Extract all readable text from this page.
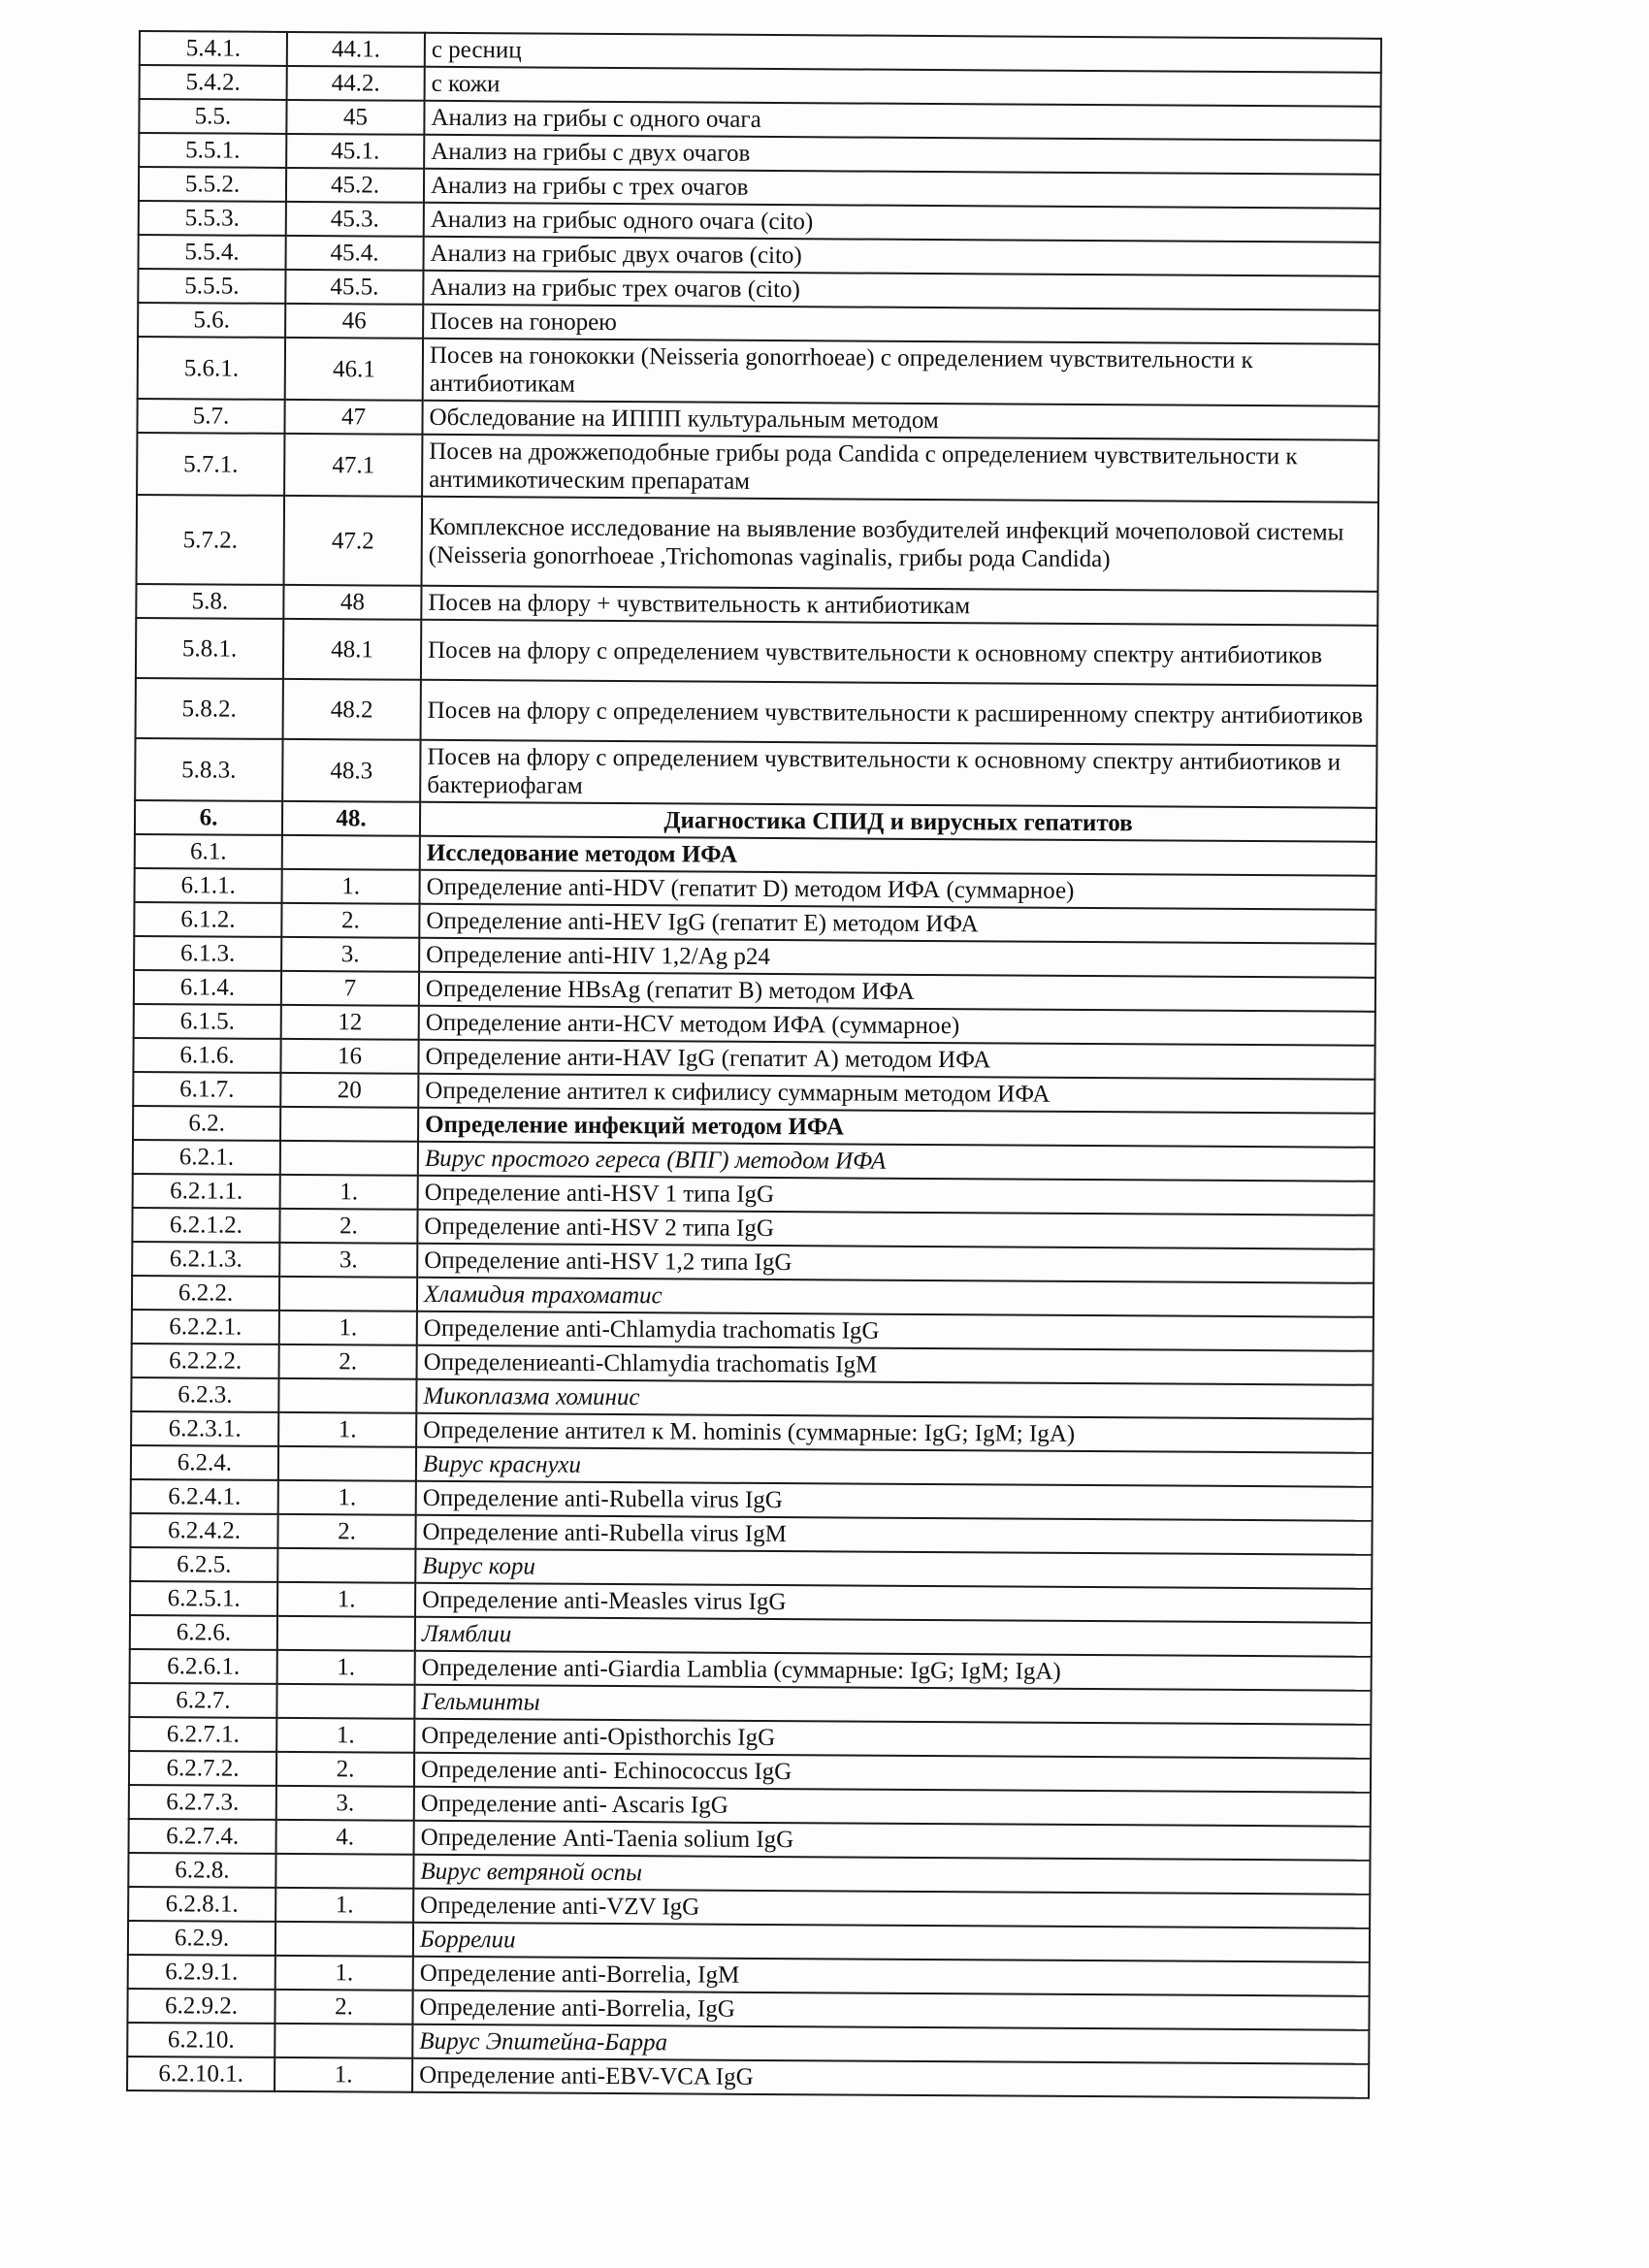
5.4.1.	44.1.	с ресниц
5.4.2.	44.2.	с кожи
5.5.	45	Анализ на грибы с одного очага
5.5.1.	45.1.	Анализ на грибы с двух очагов
5.5.2.	45.2.	Анализ на грибы с трех очагов
5.5.3.	45.3.	Анализ на грибыс одного очага (cito)
5.5.4.	45.4.	Анализ на грибыс двух очагов (cito)
5.5.5.	45.5.	Анализ на грибыс трех очагов (cito)
5.6.	46	Посев на гонорею
5.6.1.	46.1	Посев на гонококки (Neisseria gonorrhoeae) с определением чувствительности к антибиотикам
5.7.	47	Обследование на ИППП культуральным методом
5.7.1.	47.1	Посев на дрожжеподобные грибы рода Candida с определением чувствительности к антимикотическим препаратам
5.7.2.	47.2	Комплексное исследование на выявление возбудителей инфекций мочеполовой системы (Neisseria gonorrhoeae ,Trichomonas vaginalis, грибы рода Candida)
5.8.	48	Посев на флору + чувствительность к антибиотикам
5.8.1.	48.1	Посев на флору с определением чувствительности к основному спектру антибиотиков
5.8.2.	48.2	Посев на флору с определением чувствительности к расширенному спектру антибиотиков
5.8.3.	48.3	Посев на флору с определением чувствительности к основному спектру антибиотиков и бактериофагам
6.	48.	Диагностика СПИД и вирусных гепатитов
6.1.		Исследование методом ИФА
6.1.1.	1.	Определение anti-HDV (гепатит D) методом ИФА (суммарное)
6.1.2.	2.	Определение anti-HEV IgG (гепатит E) методом ИФА
6.1.3.	3.	Определение anti-HIV 1,2/Ag p24
6.1.4.	7	Определение HBsAg (гепатит B) методом ИФА
6.1.5.	12	Определение анти-HCV методом ИФА (суммарное)
6.1.6.	16	Определение анти-HAV IgG (гепатит A) методом ИФА
6.1.7.	20	Определение антител к сифилису суммарным методом ИФА
6.2.		Определение инфекций методом ИФА
6.2.1.		Вирус простого гереса (ВПГ) методом ИФА
6.2.1.1.	1.	Определение anti-HSV 1 типа IgG
6.2.1.2.	2.	Определение anti-HSV 2 типа IgG
6.2.1.3.	3.	Определение anti-HSV 1,2 типа IgG
6.2.2.		Хламидия трахоматис
6.2.2.1.	1.	Определение anti-Chlamydia trachomatis IgG
6.2.2.2.	2.	Определениеanti-Chlamydia trachomatis IgM
6.2.3.		Микоплазма хоминис
6.2.3.1.	1.	Определение антител к M. hominis (суммарные: IgG; IgM; IgA)
6.2.4.		Вирус краснухи
6.2.4.1.	1.	Определение anti-Rubella virus IgG
6.2.4.2.	2.	Определение anti-Rubella virus IgM
6.2.5.		Вирус кори
6.2.5.1.	1.	Определение anti-Measles virus IgG
6.2.6.		Лямблии
6.2.6.1.	1.	Определение anti-Giardia Lamblia (суммарные: IgG; IgM; IgA)
6.2.7.		Гельминты
6.2.7.1.	1.	Определение anti-Opisthorchis IgG
6.2.7.2.	2.	Определение anti- Echinococcus IgG
6.2.7.3.	3.	Определение anti- Ascaris IgG
6.2.7.4.	4.	Определение Anti-Taenia solium IgG
6.2.8.		Вирус ветряной оспы
6.2.8.1.	1.	Определение anti-VZV IgG
6.2.9.		Боррелии
6.2.9.1.	1.	Определение anti-Borrelia, IgM
6.2.9.2.	2.	Определение anti-Borrelia, IgG
6.2.10.		Вирус Эпштейна-Барра
6.2.10.1.	1.	Определение anti-EBV-VCA IgG
